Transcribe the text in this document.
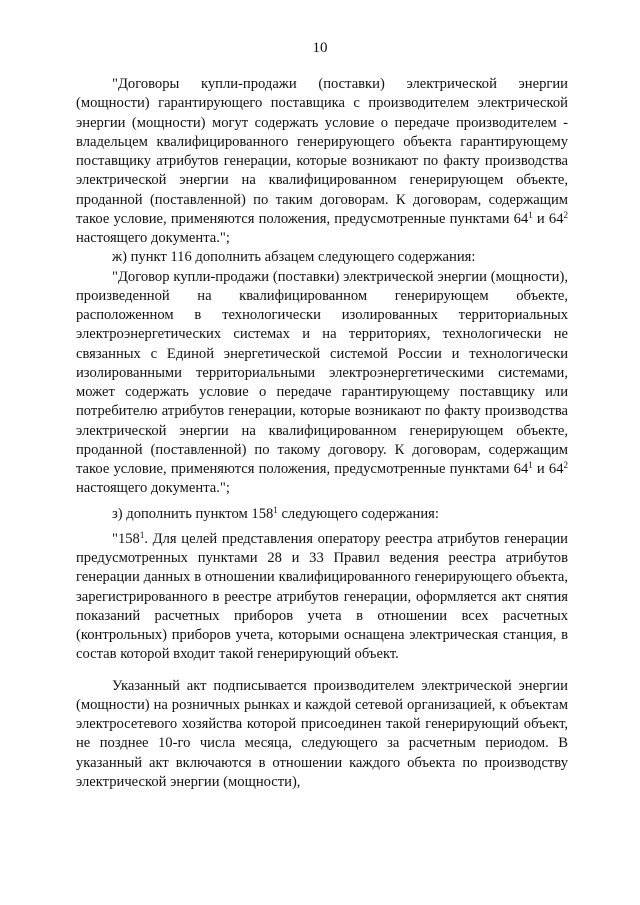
10

"Договоры купли-продажи (поставки) электрической энергии (мощности) гарантирующего поставщика с производителем электрической энергии (мощности) могут содержать условие о передаче производителем - владельцем квалифицированного генерирующего объекта гарантирующему поставщику атрибутов генерации, которые возникают по факту производства электрической энергии на квалифицированном генерирующем объекте, проданной (поставленной) по таким договорам. К договорам, содержащим такое условие, применяются положения, предусмотренные пунктами $64^1$ и $64^2$ настоящего документа.";

ж) пункт 116 дополнить абзацем следующего содержания:

"Договор купли-продажи (поставки) электрической энергии (мощности), произведенной на квалифицированном генерирующем объекте, расположенном в технологически изолированных территориальных электроэнергетических системах и на территориях, технологически не связанных с Единой энергетической системой России и технологически изолированными территориальными электроэнергетическими системами, может содержать условие о передаче гарантирующему поставщику или потребителю атрибутов генерации, которые возникают по факту производства электрической энергии на квалифицированном генерирующем объекте, проданной (поставленной) по такому договору. К договорам, содержащим такое условие, применяются положения, предусмотренные пунктами $64^1$ и $64^2$ настоящего документа.";

з) дополнить пунктом $158^1$ следующего содержания:

"$158^1$. Для целей представления оператору реестра атрибутов генерации предусмотренных пунктами 28 и 33 Правил ведения реестра атрибутов генерации данных в отношении квалифицированного генерирующего объекта, зарегистрированного в реестре атрибутов генерации, оформляется акт снятия показаний расчетных приборов учета в отношении всех расчетных (контрольных) приборов учета, которыми оснащена электрическая станция, в состав которой входит такой генерирующий объект.

Указанный акт подписывается производителем электрической энергии (мощности) на розничных рынках и каждой сетевой организацией, к объектам электросетевого хозяйства которой присоединен такой генерирующий объект, не позднее 10-го числа месяца, следующего за расчетным периодом. В указанный акт включаются в отношении каждого объекта по производству электрической энергии (мощности),
